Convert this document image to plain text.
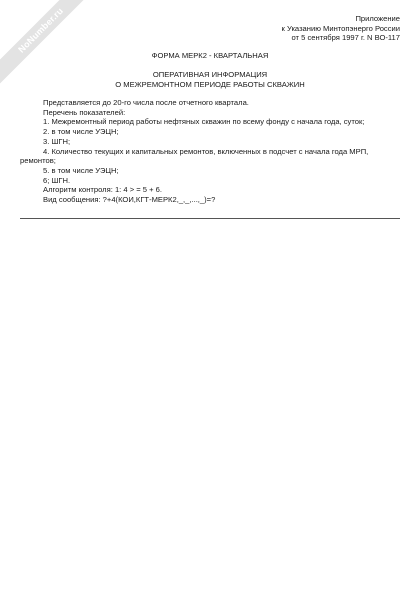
NoNumber.ru	Приложение
к Указанию Минтопэнерго России
от 5 сентября 1997 г. N ВО-117
ФОРМА МЕРК2 - КВАРТАЛЬНАЯ
ОПЕРАТИВНАЯ ИНФОРМАЦИЯ
О МЕЖРЕМОНТНОМ ПЕРИОДЕ РАБОТЫ СКВАЖИН
Представляется до 20-го числа после отчетного квартала.
Перечень показателей:
1. Межремонтный период работы нефтяных скважин по всему фонду с начала года, суток;
2. в том числе УЭЦН;
3. ШГН;
4. Количество текущих и капитальных ремонтов, включенных в подсчет с начала года МРП, ремонтов;
5. в том числе УЭЦН;
6; ШГН.
Алгоритм контроля: 1: 4 > = 5 + 6.
Вид сообщения: ?+4(КОИ,КГТ-МЕРК2,_,_,...,_)=?
